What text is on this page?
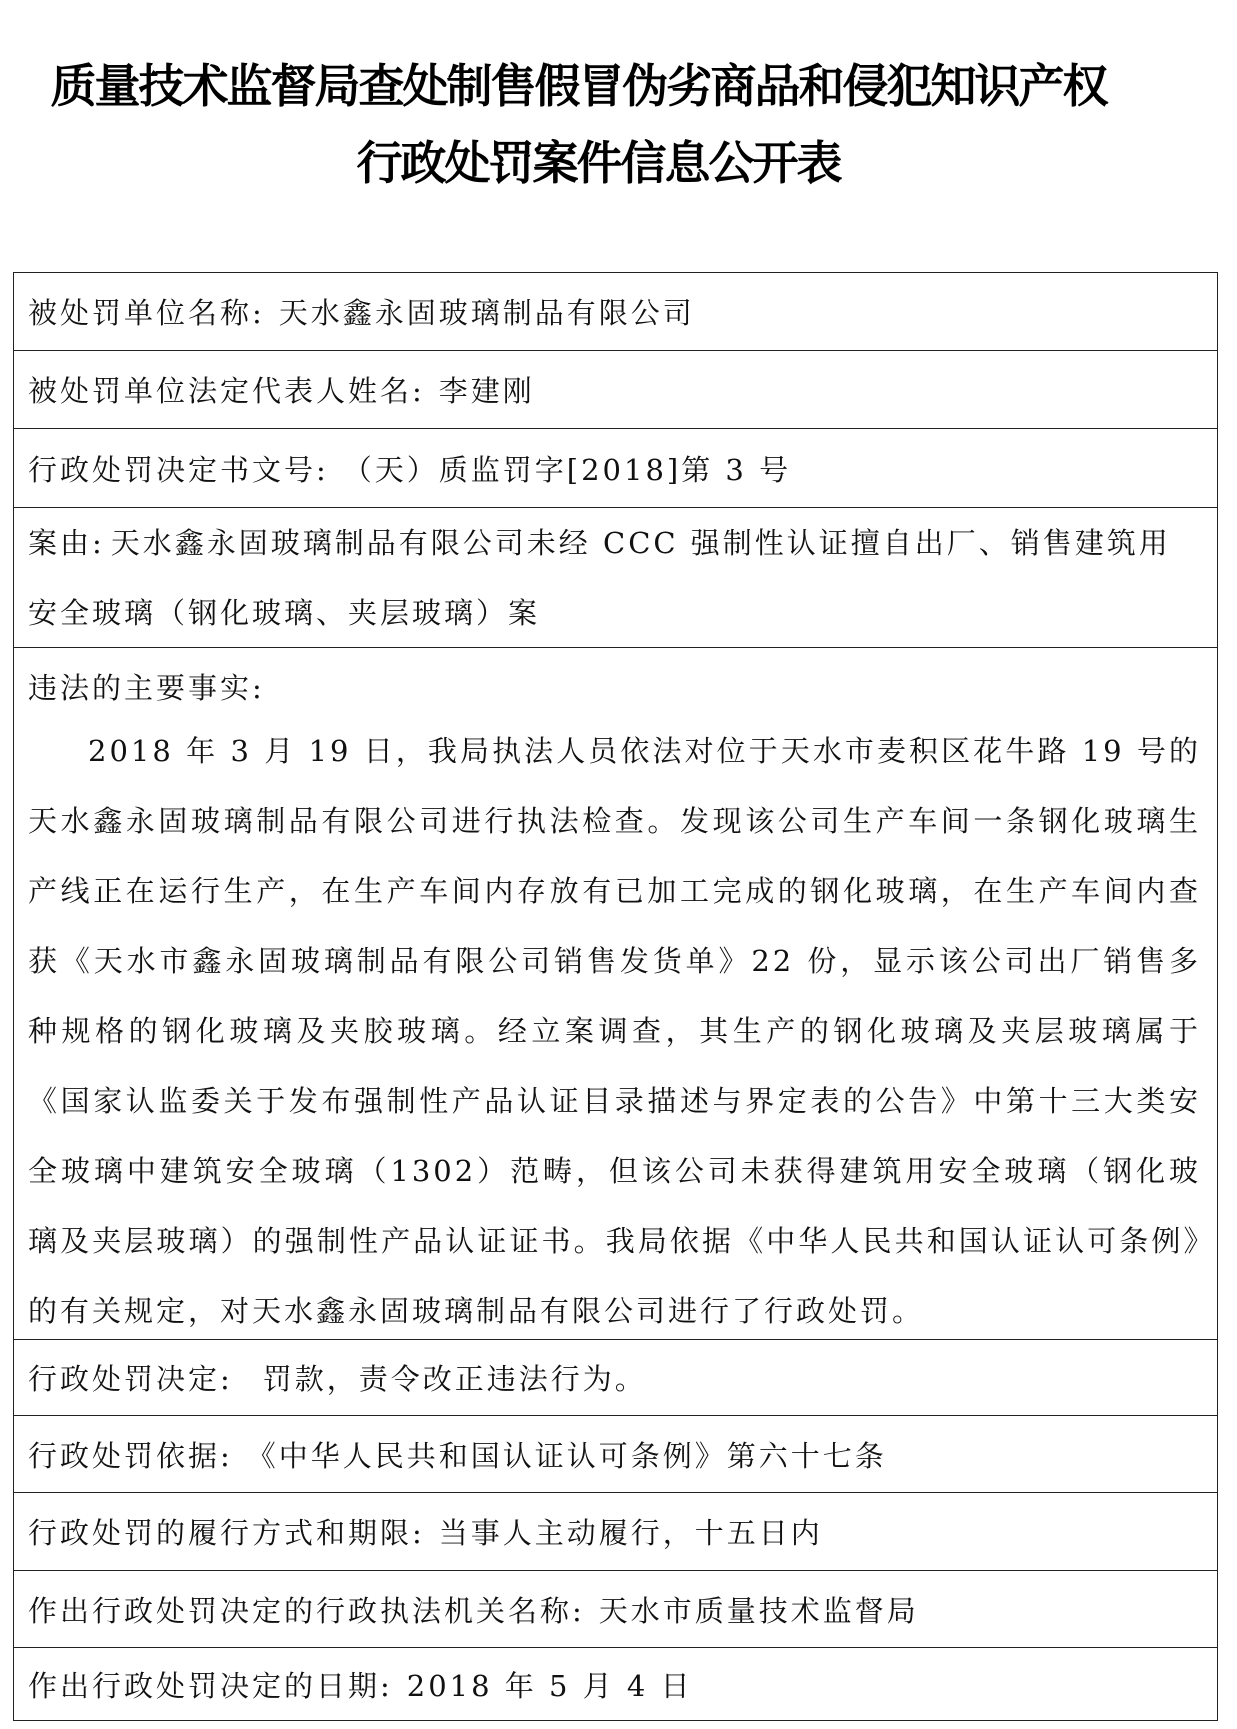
质量技术监督局查处制售假冒伪劣商品和侵犯知识产权
行政处罚案件信息公开表
被处罚单位名称: 天水鑫永固玻璃制品有限公司
被处罚单位法定代表人姓名: 李建刚
行政处罚决定书文号: （天）质监罚字[2018]第 3 号

案由: 天水鑫永固玻璃制品有限公司未经 CCC 强制性认证擅自出厂、销售建筑用安全玻璃（钢化玻璃、夹层玻璃）案

违法的主要事实:
2018 年 3 月 19 日，我局执法人员依法对位于天水市麦积区花牛路 19 号的天水鑫永固玻璃制品有限公司进行执法检查。发现该公司生产车间一条钢化玻璃生产线正在运行生产，在生产车间内存放有已加工完成的钢化玻璃，在生产车间内查获《天水市鑫永固玻璃制品有限公司销售发货单》22 份，显示该公司出厂销售多种规格的钢化玻璃及夹胶玻璃。经立案调查，其生产的钢化玻璃及夹层玻璃属于《国家认监委关于发布强制性产品认证目录描述与界定表的公告》中第十三大类安全玻璃中建筑安全玻璃（1302）范畴，但该公司未获得建筑用安全玻璃（钢化玻璃及夹层玻璃）的强制性产品认证证书。我局依据《中华人民共和国认证认可条例》的有关规定，对天水鑫永固玻璃制品有限公司进行了行政处罚。
行政处罚决定: 罚款，责令改正违法行为。
行政处罚依据: 《中华人民共和国认证认可条例》第六十七条
行政处罚的履行方式和期限: 当事人主动履行，十五日内
作出行政处罚决定的行政执法机关名称: 天水市质量技术监督局
作出行政处罚决定的日期: 2018 年 5 月 4 日
